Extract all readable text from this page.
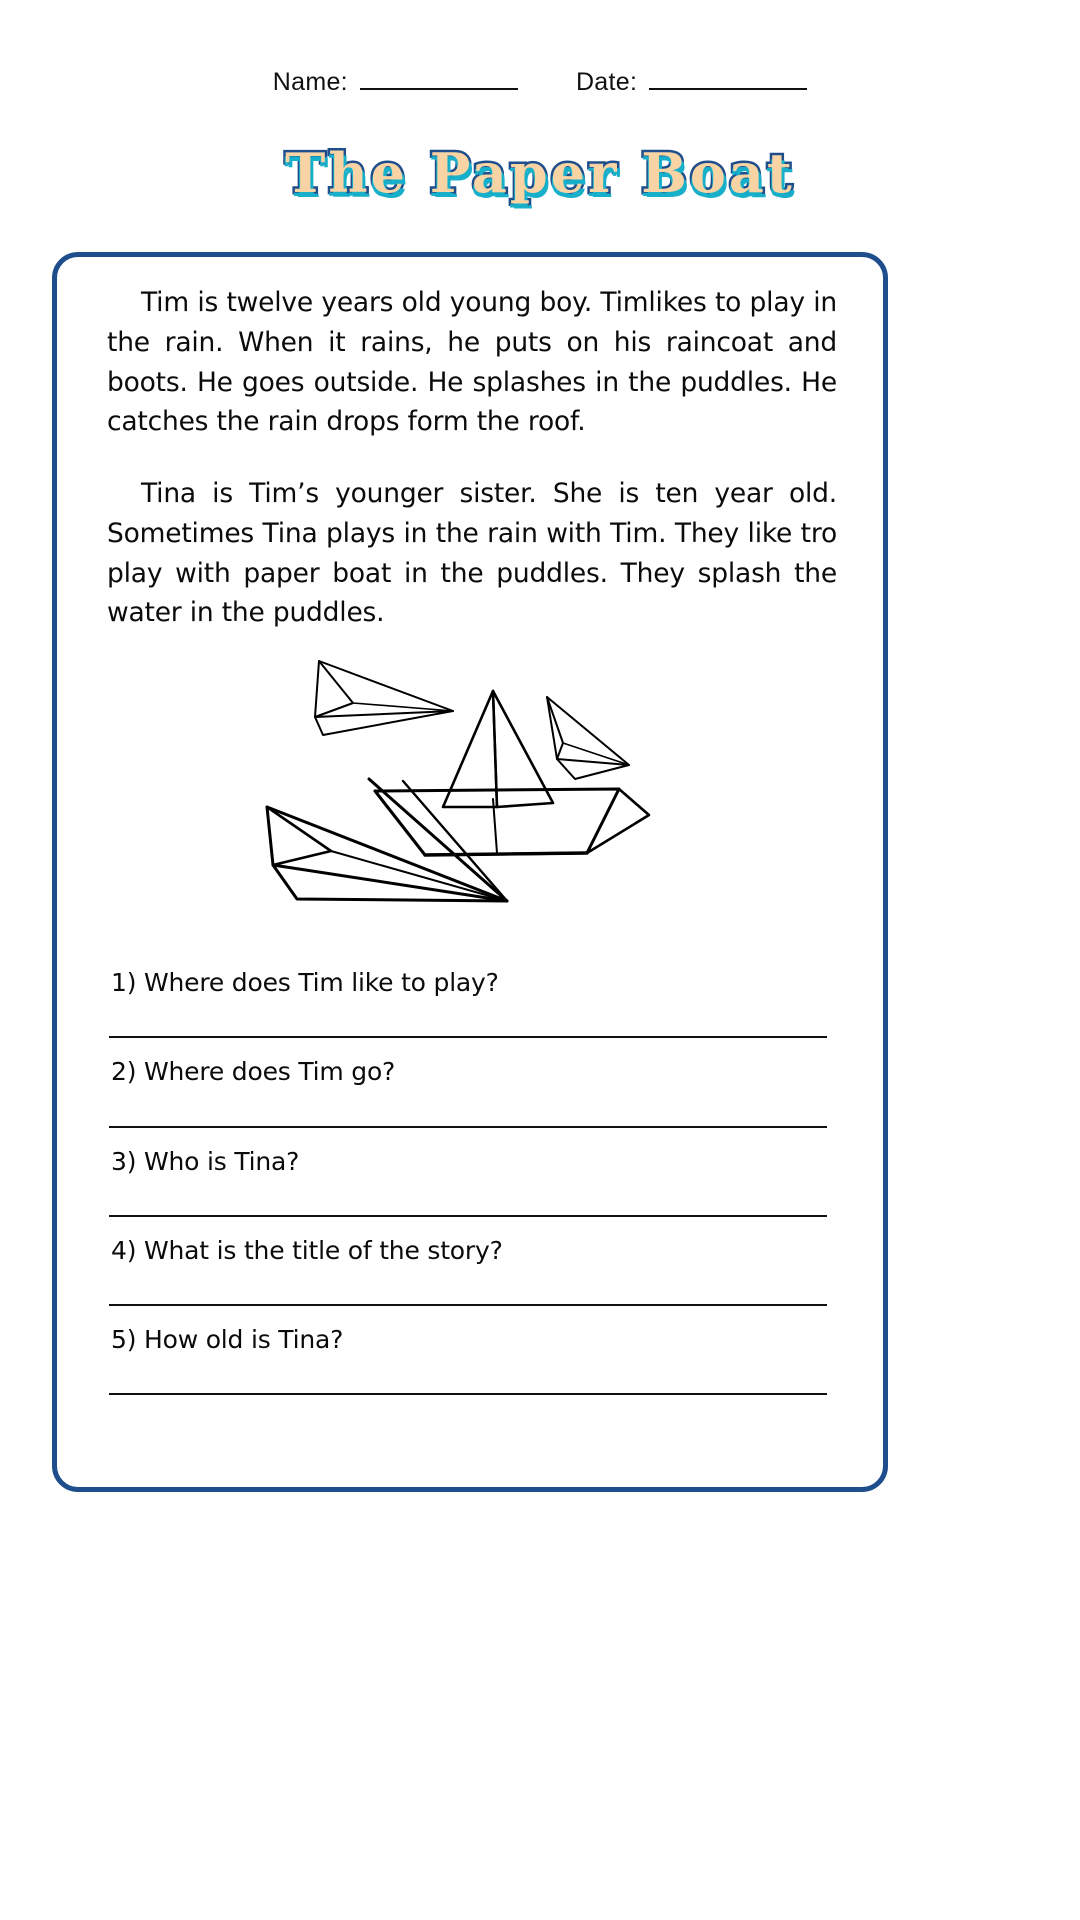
Name:	Date:
The Paper Boat

Tim is twelve years old young boy. Timlikes to play in the rain. When it rains, he puts on his raincoat and boots. He goes outside. He splashes in the puddles. He catches the rain drops form the roof.

Tina is Tim’s younger sister. She is ten year old. Sometimes Tina plays in the rain with Tim. They like tro play with paper boat in the puddles. They splash the water in the puddles.

1) Where does Tim like to play?
2) Where does Tim go?
3) Who is Tina?
4) What is the title of the story?
5) How old is Tina?
